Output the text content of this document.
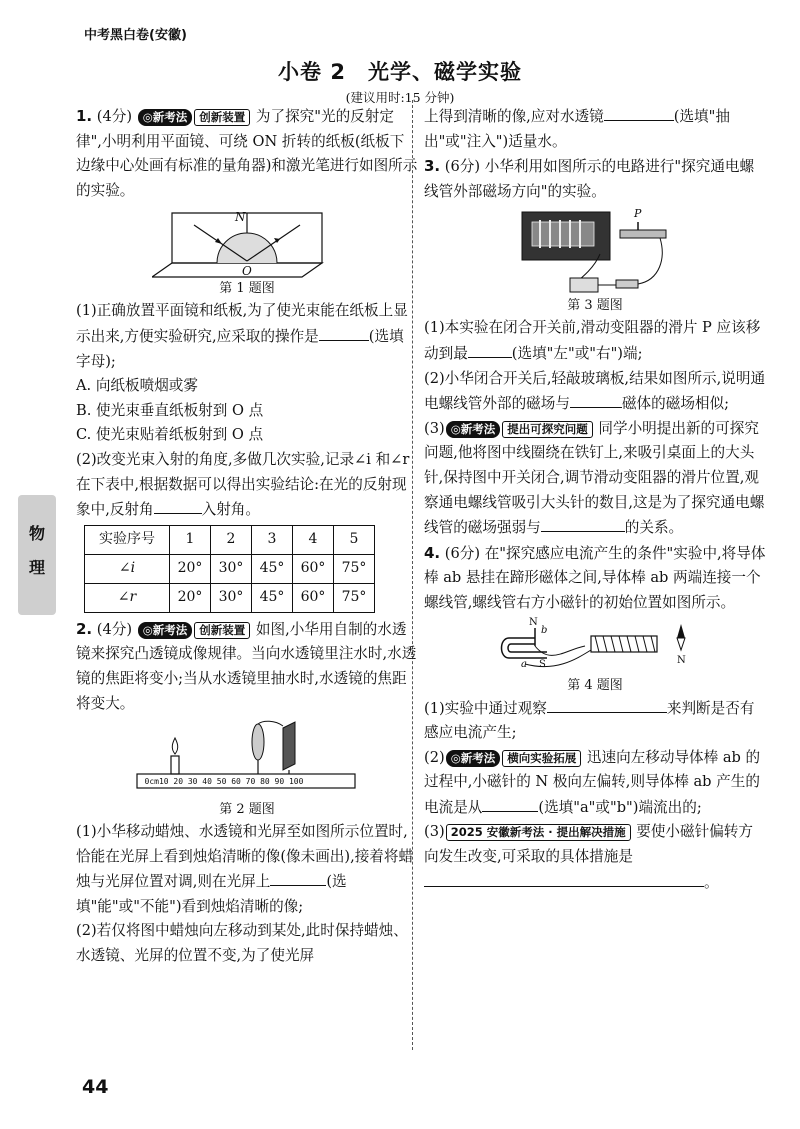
中考黑白卷(安徽)
小卷 2　光学、磁学实验
(建议用时:15 分钟)
物
理

1. (4分) ◎新考法 创新装置 为了探究"光的反射定律",小明利用平面镜、可绕 ON 折转的纸板(纸板下边缘中心处画有标准的量角器)和激光笔进行如图所示的实验。

N
O
第 1 题图

(1)正确放置平面镜和纸板,为了使光束能在纸板上显示出来,方便实验研究,应采取的操作是	(选填字母);

A. 向纸板喷烟或雾

B. 使光束垂直纸板射到 O 点

C. 使光束贴着纸板射到 O 点

(2)改变光束入射的角度,多做几次实验,记录∠i 和∠r 在下表中,根据数据可以得出实验结论:在光的反射现象中,反射角	入射角。

实验序号	1	2	3	4	5
∠i	20°	30°	45°	60°	75°
∠r	20°	30°	45°	60°	75°

2. (4分) ◎新考法 创新装置 如图,小华用自制的水透镜来探究凸透镜成像规律。当向水透镜里注水时,水透镜的焦距将变小;当从水透镜里抽水时,水透镜的焦距将变大。

0cm10 20 30 40 50 60 70 80 90 100
第 2 题图

(1)小华移动蜡烛、水透镜和光屏至如图所示位置时,恰能在光屏上看到烛焰清晰的像(像未画出),接着将蜡烛与光屏位置对调,则在光屏上	(选填"能"或"不能")看到烛焰清晰的像;

(2)若仅将图中蜡烛向左移动到某处,此时保持蜡烛、水透镜、光屏的位置不变,为了使光屏

上得到清晰的像,应对水透镜	(选填"抽出"或"注入")适量水。

3. (6分) 小华利用如图所示的电路进行"探究通电螺线管外部磁场方向"的实验。

P
第 3 题图

(1)本实验在闭合开关前,滑动变阻器的滑片 P 应该移动到最	(选填"左"或"右")端;

(2)小华闭合开关后,轻敲玻璃板,结果如图所示,说明通电螺线管外部的磁场与	磁体的磁场相似;

(3) ◎新考法 提出可探究问题 同学小明提出新的可探究问题,他将图中线圈绕在铁钉上,来吸引桌面上的大头针,保持图中开关闭合,调节滑动变阻器的滑片位置,观察通电螺线管吸引大头针的数目,这是为了探究通电螺线管的磁场强弱与	的关系。

4. (6分) 在"探究感应电流产生的条件"实验中,将导体棒 ab 悬挂在蹄形磁体之间,导体棒 ab 两端连接一个螺线管,螺线管右方小磁针的初始位置如图所示。

N
S
a
b
N
第 4 题图

(1)实验中通过观察	来判断是否有感应电流产生;

(2) ◎新考法 横向实验拓展 迅速向左移动导体棒 ab 的过程中,小磁针的 N 极向左偏转,则导体棒 ab 产生的电流是从	(选填"a"或"b")端流出的;

(3) 2025 安徽新考法 · 提出解决措施 要使小磁针偏转方向发生改变,可采取的具体措施是。

44
